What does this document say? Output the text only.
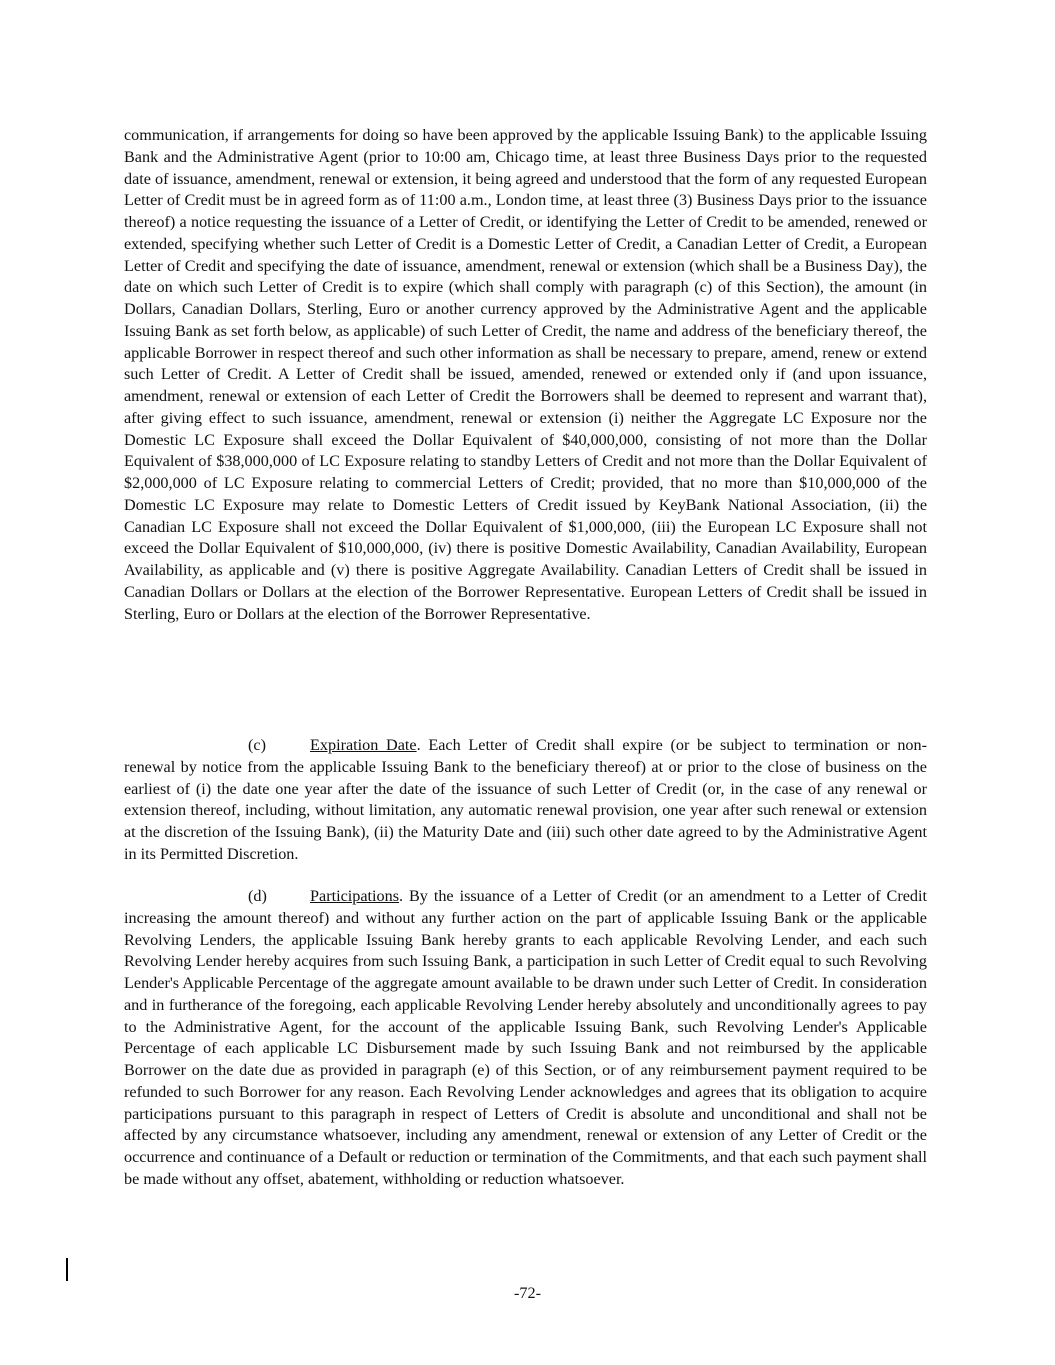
communication, if arrangements for doing so have been approved by the applicable Issuing Bank) to the applicable Issuing Bank and the Administrative Agent (prior to 10:00 am, Chicago time, at least three Business Days prior to the requested date of issuance, amendment, renewal or extension, it being agreed and understood that the form of any requested European Letter of Credit must be in agreed form as of 11:00 a.m., London time, at least three (3) Business Days prior to the issuance thereof) a notice requesting the issuance of a Letter of Credit, or identifying the Letter of Credit to be amended, renewed or extended, specifying whether such Letter of Credit is a Domestic Letter of Credit, a Canadian Letter of Credit, a European Letter of Credit and specifying the date of issuance, amendment, renewal or extension (which shall be a Business Day), the date on which such Letter of Credit is to expire (which shall comply with paragraph (c) of this Section), the amount (in Dollars, Canadian Dollars, Sterling, Euro or another currency approved by the Administrative Agent and the applicable Issuing Bank as set forth below, as applicable) of such Letter of Credit, the name and address of the beneficiary thereof, the applicable Borrower in respect thereof and such other information as shall be necessary to prepare, amend, renew or extend such Letter of Credit. A Letter of Credit shall be issued, amended, renewed or extended only if (and upon issuance, amendment, renewal or extension of each Letter of Credit the Borrowers shall be deemed to represent and warrant that), after giving effect to such issuance, amendment, renewal or extension (i) neither the Aggregate LC Exposure nor the Domestic LC Exposure shall exceed the Dollar Equivalent of $40,000,000, consisting of not more than the Dollar Equivalent of $38,000,000 of LC Exposure relating to standby Letters of Credit and not more than the Dollar Equivalent of $2,000,000 of LC Exposure relating to commercial Letters of Credit; provided, that no more than $10,000,000 of the Domestic LC Exposure may relate to Domestic Letters of Credit issued by KeyBank National Association, (ii) the Canadian LC Exposure shall not exceed the Dollar Equivalent of $1,000,000, (iii) the European LC Exposure shall not exceed the Dollar Equivalent of $10,000,000, (iv) there is positive Domestic Availability, Canadian Availability, European Availability, as applicable and (v) there is positive Aggregate Availability. Canadian Letters of Credit shall be issued in Canadian Dollars or Dollars at the election of the Borrower Representative. European Letters of Credit shall be issued in Sterling, Euro or Dollars at the election of the Borrower Representative.

(c)	Expiration Date. Each Letter of Credit shall expire (or be subject to termination or non-renewal by notice from the applicable Issuing Bank to the beneficiary thereof) at or prior to the close of business on the earliest of (i) the date one year after the date of the issuance of such Letter of Credit (or, in the case of any renewal or extension thereof, including, without limitation, any automatic renewal provision, one year after such renewal or extension at the discretion of the Issuing Bank), (ii) the Maturity Date and (iii) such other date agreed to by the Administrative Agent in its Permitted Discretion.

(d)	Participations. By the issuance of a Letter of Credit (or an amendment to a Letter of Credit increasing the amount thereof) and without any further action on the part of applicable Issuing Bank or the applicable Revolving Lenders, the applicable Issuing Bank hereby grants to each applicable Revolving Lender, and each such Revolving Lender hereby acquires from such Issuing Bank, a participation in such Letter of Credit equal to such Revolving Lender's Applicable Percentage of the aggregate amount available to be drawn under such Letter of Credit. In consideration and in furtherance of the foregoing, each applicable Revolving Lender hereby absolutely and unconditionally agrees to pay to the Administrative Agent, for the account of the applicable Issuing Bank, such Revolving Lender's Applicable Percentage of each applicable LC Disbursement made by such Issuing Bank and not reimbursed by the applicable Borrower on the date due as provided in paragraph (e) of this Section, or of any reimbursement payment required to be refunded to such Borrower for any reason. Each Revolving Lender acknowledges and agrees that its obligation to acquire participations pursuant to this paragraph in respect of Letters of Credit is absolute and unconditional and shall not be affected by any circumstance whatsoever, including any amendment, renewal or extension of any Letter of Credit or the occurrence and continuance of a Default or reduction or termination of the Commitments, and that each such payment shall be made without any offset, abatement, withholding or reduction whatsoever.

-72-
